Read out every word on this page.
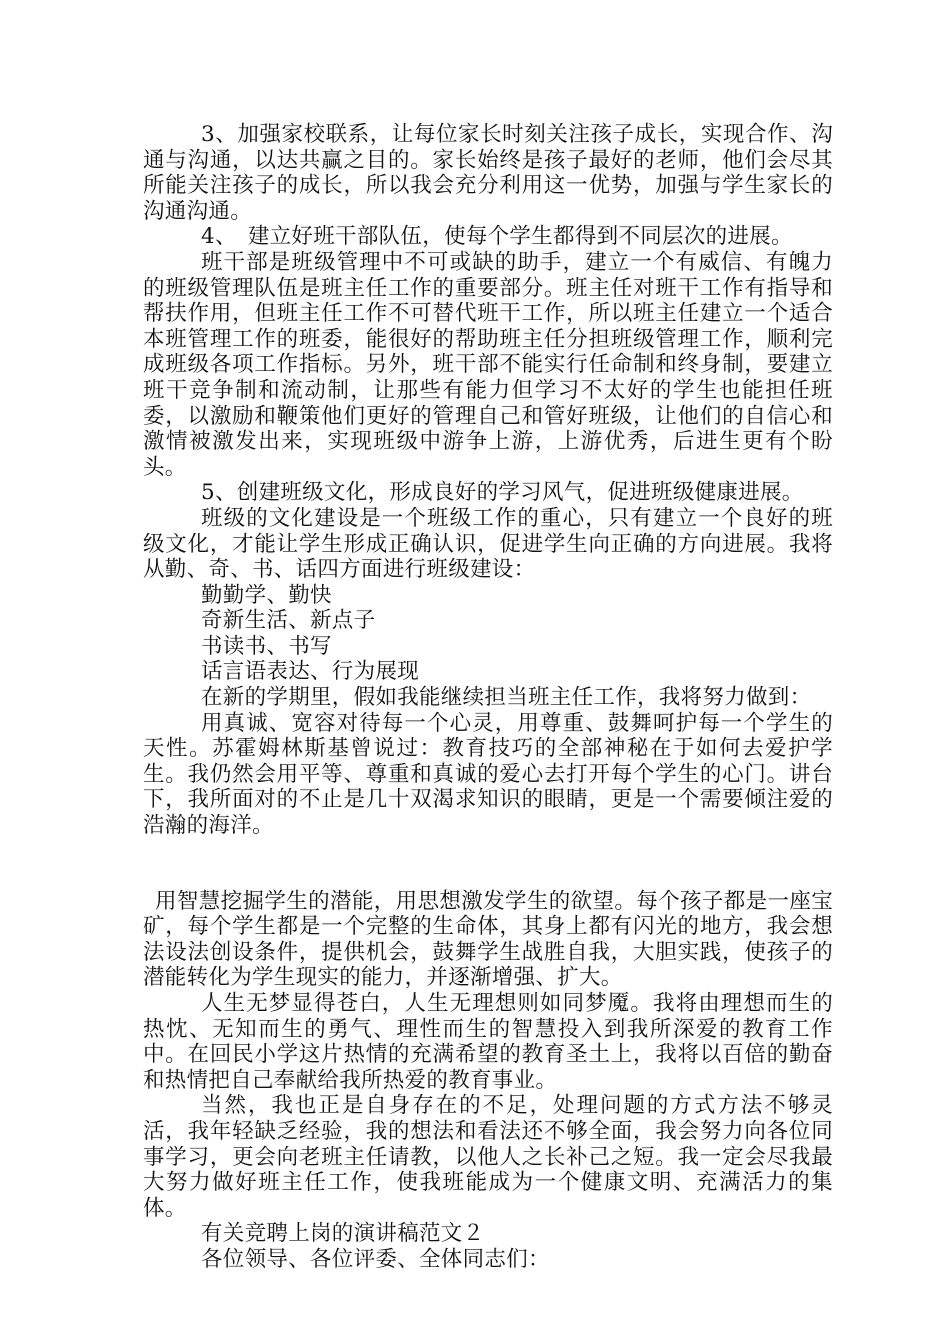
3、加强家校联系，让每位家长时刻关注孩子成长，实现合作、沟通与沟通，以达共赢之目的。家长始终是孩子最好的老师，他们会尽其所能关注孩子的成长，所以我会充分利用这一优势，加强与学生家长的沟通沟通。

4、　建立好班干部队伍，使每个学生都得到不同层次的进展。

班干部是班级管理中不可或缺的助手，建立一个有威信、有魄力的班级管理队伍是班主任工作的重要部分。班主任对班干工作有指导和帮扶作用，但班主任工作不可替代班干工作，所以班主任建立一个适合本班管理工作的班委，能很好的帮助班主任分担班级管理工作，顺利完成班级各项工作指标。另外，班干部不能实行任命制和终身制，要建立班干竞争制和流动制，让那些有能力但学习不太好的学生也能担任班委，以激励和鞭策他们更好的管理自己和管好班级，让他们的自信心和激情被激发出来，实现班级中游争上游，上游优秀，后进生更有个盼头。

5、创建班级文化，形成良好的学习风气，促进班级健康进展。

班级的文化建设是一个班级工作的重心，只有建立一个良好的班级文化，才能让学生形成正确认识，促进学生向正确的方向进展。我将从勤、奇、书、话四方面进行班级建设：

勤勤学、勤快

奇新生活、新点子

书读书、书写

话言语表达、行为展现

在新的学期里，假如我能继续担当班主任工作，我将努力做到：

用真诚、宽容对待每一个心灵，用尊重、鼓舞呵护每一个学生的天性。苏霍姆林斯基曾说过：教育技巧的全部神秘在于如何去爱护学生。我仍然会用平等、尊重和真诚的爱心去打开每个学生的心门。讲台下，我所面对的不止是几十双渴求知识的眼睛，更是一个需要倾注爱的浩瀚的海洋。

用智慧挖掘学生的潜能，用思想激发学生的欲望。每个孩子都是一座宝矿，每个学生都是一个完整的生命体，其身上都有闪光的地方，我会想法设法创设条件，提供机会，鼓舞学生战胜自我，大胆实践，使孩子的潜能转化为学生现实的能力，并逐渐增强、扩大。

人生无梦显得苍白，人生无理想则如同梦魇。我将由理想而生的热忱、无知而生的勇气、理性而生的智慧投入到我所深爱的教育工作中。在回民小学这片热情的充满希望的教育圣土上，我将以百倍的勤奋和热情把自己奉献给我所热爱的教育事业。

当然，我也正是自身存在的不足，处理问题的方式方法不够灵活，我年轻缺乏经验，我的想法和看法还不够全面，我会努力向各位同事学习，更会向老班主任请教，以他人之长补己之短。我一定会尽我最大努力做好班主任工作，使我班能成为一个健康文明、充满活力的集体。

有关竞聘上岗的演讲稿范文２

各位领导、各位评委、全体同志们：
